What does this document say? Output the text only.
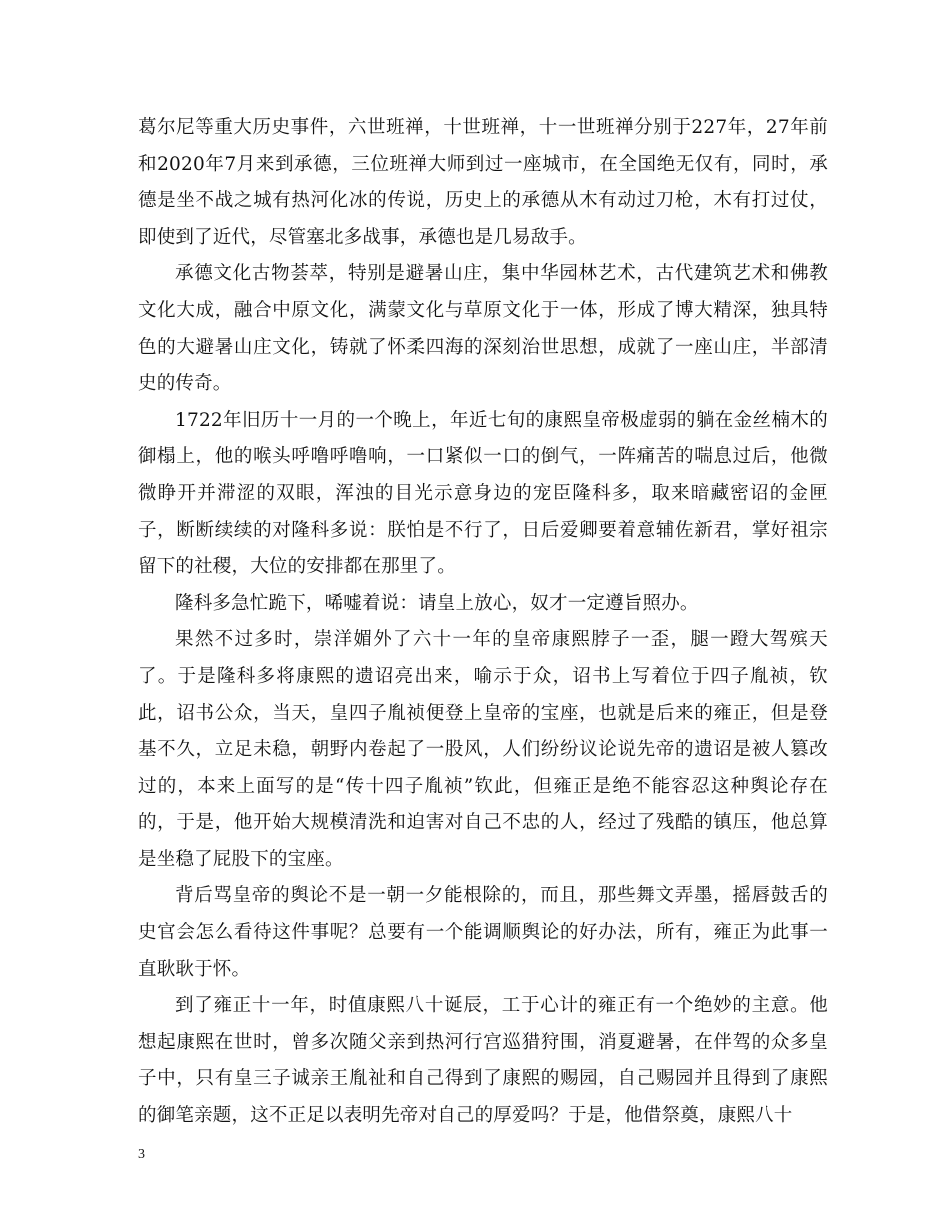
葛尔尼等重大历史事件，六世班禅，十世班禅，十一世班禅分别于227年，27年前和2020年7月来到承德，三位班禅大师到过一座城市，在全国绝无仅有，同时，承德是坐不战之城有热河化冰的传说，历史上的承德从木有动过刀枪，木有打过仗，即使到了近代，尽管塞北多战事，承德也是几易敌手。

承德文化古物荟萃，特别是避暑山庄，集中华园林艺术，古代建筑艺术和佛教文化大成，融合中原文化，满蒙文化与草原文化于一体，形成了博大精深，独具特色的大避暑山庄文化，铸就了怀柔四海的深刻治世思想，成就了一座山庄，半部清史的传奇。

1722年旧历十一月的一个晚上，年近七旬的康熙皇帝极虚弱的躺在金丝楠木的御榻上，他的喉头呼噜呼噜响，一口紧似一口的倒气，一阵痛苦的喘息过后，他微微睁开并滞涩的双眼，浑浊的目光示意身边的宠臣隆科多，取来暗藏密诏的金匣子，断断续续的对隆科多说：朕怕是不行了，日后爱卿要着意辅佐新君，掌好祖宗留下的社稷，大位的安排都在那里了。

隆科多急忙跪下，唏嘘着说：请皇上放心，奴才一定遵旨照办。

果然不过多时，崇洋媚外了六十一年的皇帝康熙脖子一歪，腿一蹬大驾殡天了。于是隆科多将康熙的遗诏亮出来，喻示于众，诏书上写着位于四子胤祯，钦此，诏书公众，当天，皇四子胤祯便登上皇帝的宝座，也就是后来的雍正，但是登基不久，立足未稳，朝野内卷起了一股风，人们纷纷议论说先帝的遗诏是被人篡改过的，本来上面写的是“传十四子胤祯”钦此，但雍正是绝不能容忍这种舆论存在的，于是，他开始大规模清洗和迫害对自己不忠的人，经过了残酷的镇压，他总算是坐稳了屁股下的宝座。

背后骂皇帝的舆论不是一朝一夕能根除的，而且，那些舞文弄墨，摇唇鼓舌的史官会怎么看待这件事呢？总要有一个能调顺舆论的好办法，所有，雍正为此事一直耿耿于怀。

到了雍正十一年，时值康熙八十诞辰，工于心计的雍正有一个绝妙的主意。他想起康熙在世时，曾多次随父亲到热河行宫巡猎狩围，消夏避暑，在伴驾的众多皇子中，只有皇三子诚亲王胤祉和自己得到了康熙的赐园，自己赐园并且得到了康熙的御笔亲题，这不正足以表明先帝对自己的厚爱吗？于是，他借祭奠，康熙八十

3
